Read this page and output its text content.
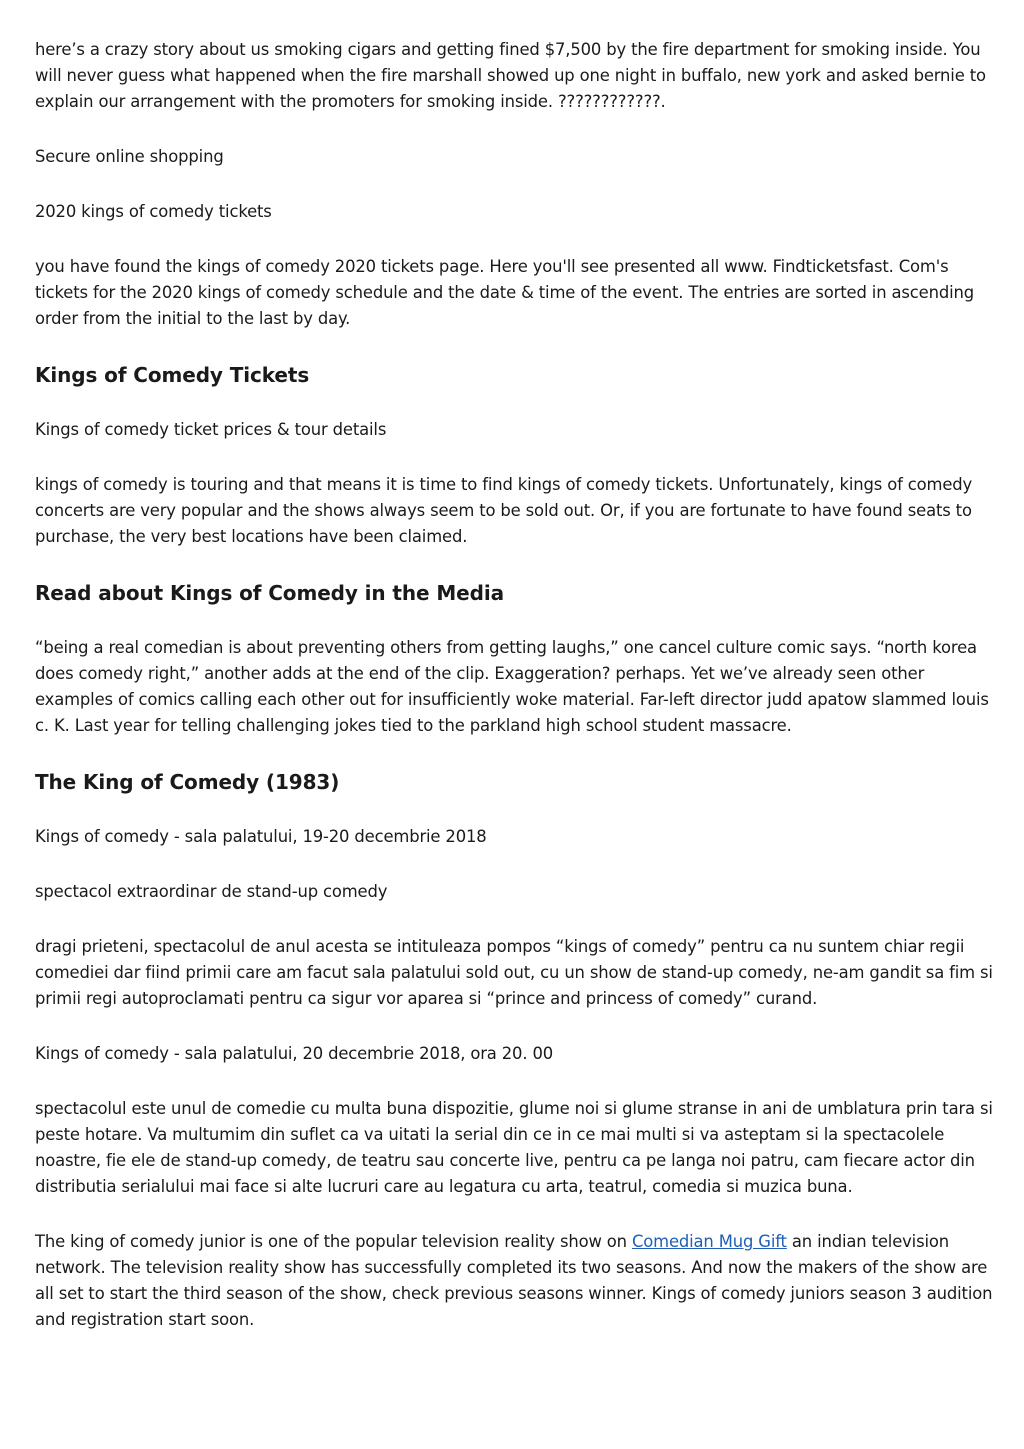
here’s a crazy story about us smoking cigars and getting fined $7,500 by the fire department for smoking inside. You will never guess what happened when the fire marshall showed up one night in buffalo, new york and asked bernie to explain our arrangement with the promoters for smoking inside. ????????????.

Secure online shopping

2020 kings of comedy tickets

you have found the kings of comedy 2020 tickets page. Here you'll see presented all www. Findticketsfast. Com's tickets for the 2020 kings of comedy schedule and the date & time of the event. The entries are sorted in ascending order from the initial to the last by day.

Kings of Comedy Tickets

Kings of comedy ticket prices & tour details

kings of comedy is touring and that means it is time to find kings of comedy tickets. Unfortunately, kings of comedy concerts are very popular and the shows always seem to be sold out. Or, if you are fortunate to have found seats to purchase, the very best locations have been claimed.

Read about Kings of Comedy in the Media

“being a real comedian is about preventing others from getting laughs,” one cancel culture comic says. “north korea does comedy right,” another adds at the end of the clip. Exaggeration? perhaps. Yet we’ve already seen other examples of comics calling each other out for insufficiently woke material. Far-left director judd apatow slammed louis c. K. Last year for telling challenging jokes tied to the parkland high school student massacre.

The King of Comedy (1983)

Kings of comedy - sala palatului, 19-20 decembrie 2018

spectacol extraordinar de stand-up comedy

dragi prieteni, spectacolul de anul acesta se intituleaza pompos “kings of comedy” pentru ca nu suntem chiar regii comediei dar fiind primii care am facut sala palatului sold out, cu un show de stand-up comedy, ne-am gandit sa fim si primii regi autoproclamati pentru ca sigur vor aparea si “prince and princess of comedy” curand.

Kings of comedy - sala palatului, 20 decembrie 2018, ora 20. 00

spectacolul este unul de comedie cu multa buna dispozitie, glume noi si glume stranse in ani de umblatura prin tara si peste hotare. Va multumim din suflet ca va uitati la serial din ce in ce mai multi si va asteptam si la spectacolele noastre, fie ele de stand-up comedy, de teatru sau concerte live, pentru ca pe langa noi patru, cam fiecare actor din distributia serialului mai face si alte lucruri care au legatura cu arta, teatrul, comedia si muzica buna.

The king of comedy junior is one of the popular television reality show on Comedian Mug Gift an indian television network. The television reality show has successfully completed its two seasons. And now the makers of the show are all set to start the third season of the show, check previous seasons winner. Kings of comedy juniors season 3 audition and registration start soon.
